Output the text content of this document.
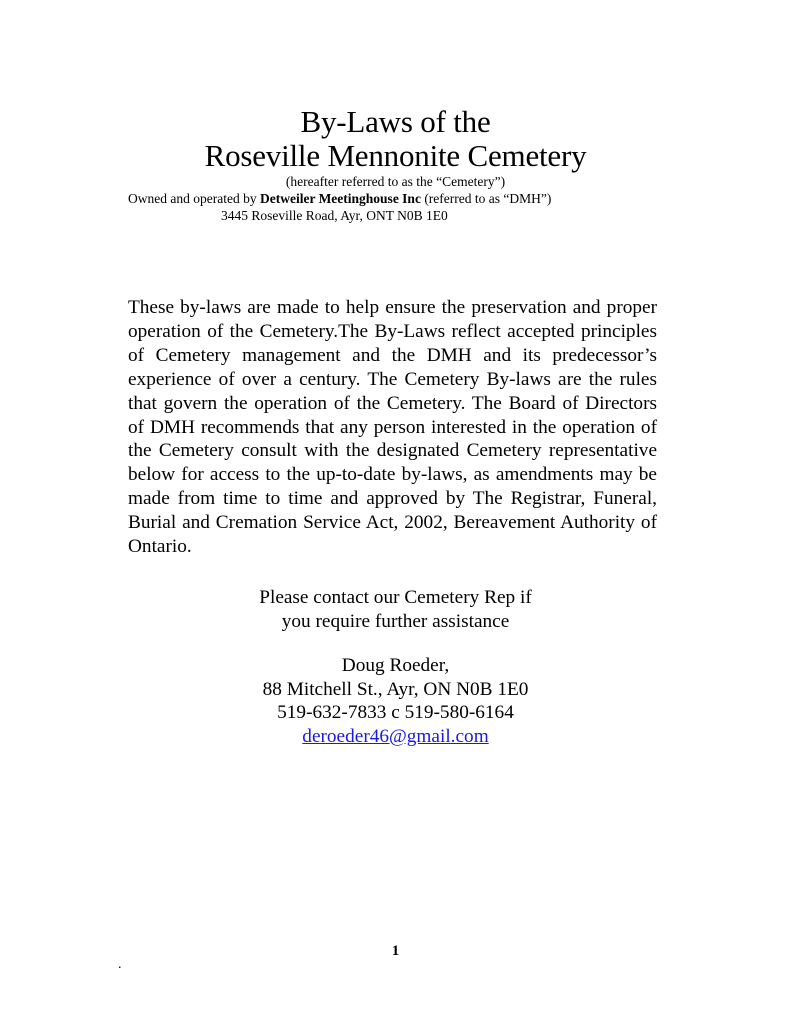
By-Laws of the
Roseville Mennonite Cemetery
(hereafter referred to as the “Cemetery”)
Owned and operated by Detweiler Meetinghouse Inc (referred to as “DMH”)
3445 Roseville Road, Ayr, ONT N0B 1E0

These by-laws are made to help ensure the preservation and proper operation of the Cemetery.The By-Laws reflect accepted principles of Cemetery management and the DMH and its predecessor’s experience of over a century. The Cemetery By-laws are the rules that govern the operation of the Cemetery. The Board of Directors of DMH recommends that any person interested in the operation of the Cemetery consult with the designated Cemetery representative below for access to the up-to-date by-laws, as amendments may be made from time to time and approved by The Registrar, Funeral, Burial and Cremation Service Act, 2002, Bereavement Authority of Ontario.

Please contact our Cemetery Rep if
you require further assistance
Doug Roeder,
88 Mitchell St., Ayr, ON N0B 1E0
519-632-7833 c 519-580-6164
deroeder46@gmail.com
1
.
